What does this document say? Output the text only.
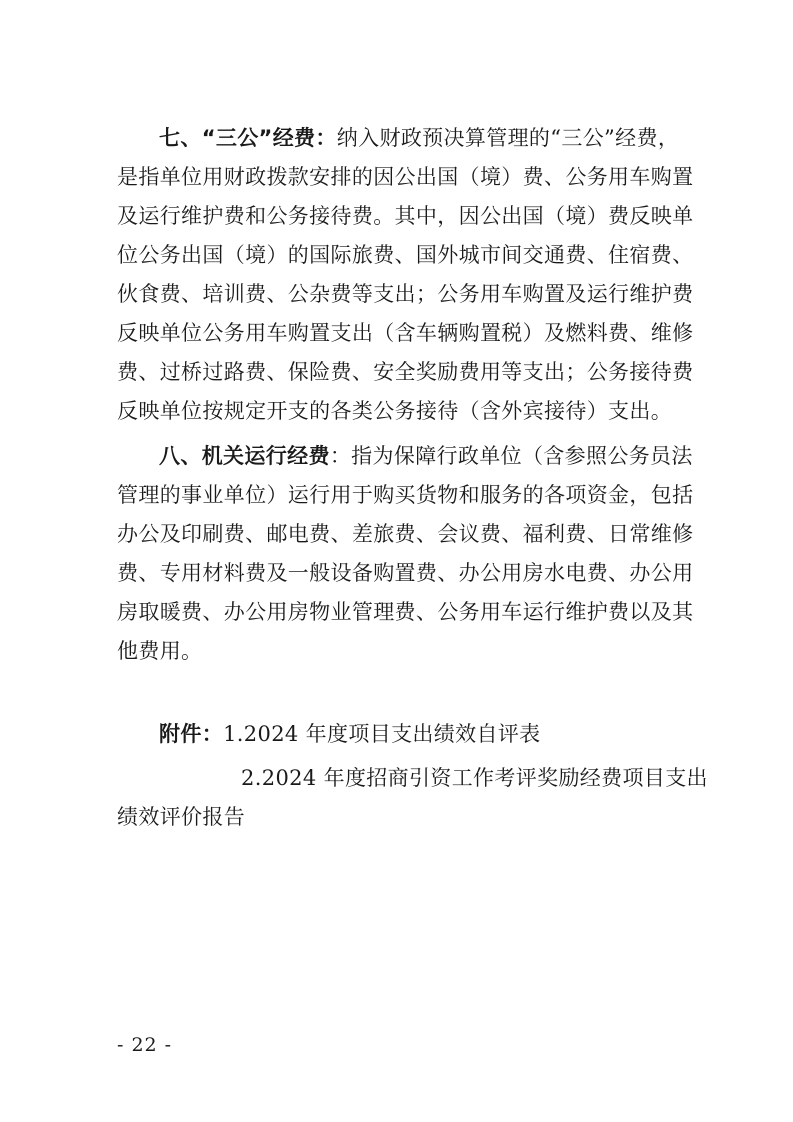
七、“三公”经费：纳入财政预决算管理的“三公”经费，
是指单位用财政拨款安排的因公出国（境）费、公务用车购置
及运行维护费和公务接待费。其中，因公出国（境）费反映单
位公务出国（境）的国际旅费、国外城市间交通费、住宿费、
伙食费、培训费、公杂费等支出；公务用车购置及运行维护费
反映单位公务用车购置支出（含车辆购置税）及燃料费、维修
费、过桥过路费、保险费、安全奖励费用等支出；公务接待费
反映单位按规定开支的各类公务接待（含外宾接待）支出。
八、机关运行经费：指为保障行政单位（含参照公务员法
管理的事业单位）运行用于购买货物和服务的各项资金，包括
办公及印刷费、邮电费、差旅费、会议费、福利费、日常维修
费、专用材料费及一般设备购置费、办公用房水电费、办公用
房取暖费、办公用房物业管理费、公务用车运行维护费以及其
他费用。
附件：1.2024 年度项目支出绩效自评表
2.2024 年度招商引资工作考评奖励经费项目支出
绩效评价报告
- 22 -
